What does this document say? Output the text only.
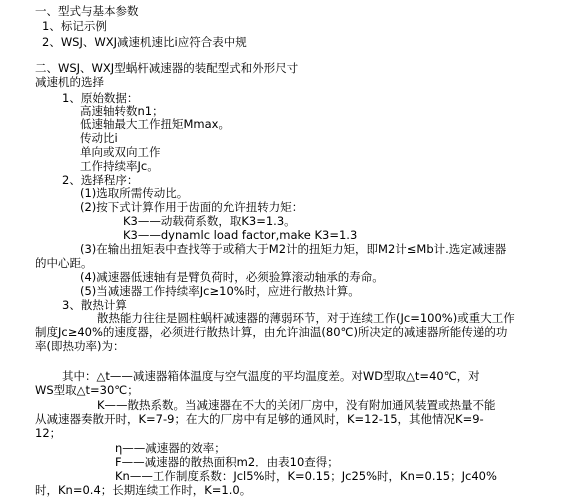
一、型式与基本参数
1、标记示例
2、WSJ、WXJ减速机速比i应符合表中规
二、WSJ、WXJ型蜗杆减速器的装配型式和外形尺寸
减速机的选择
1、原始数据：
高速轴转数n1；
低速轴最大工作扭矩Mmax。
传动比i
单向或双向工作
工作持续率Jc。
2、选择程序：
(1)选取所需传动比。
(2)按下式计算作用于齿面的允许扭转力矩：
K3——动载荷系数，取K3=1.3。
K3——dynamlc load factor,make K3=1.3
(3)在输出扭矩表中查找等于或稍大于M2计的扭矩力矩，即M2计≤Mb计.选定减速器
的中心距。
(4)减速器低速轴有是臂负荷时，必须验算滚动轴承的寿命。
(5)当减速器工作持续率Jc≥10%时，应进行散热计算。
3、散热计算
散热能力往往是圆柱蜗杆减速器的薄弱环节，对于连续工作(Jc=100%)或重大工作
制度Jc≥40%的速度器，必须进行散热计算，由允许油温(80℃)所决定的减速器所能传递的功
率(即热功率)为：
其中：△t——减速器箱体温度与空气温度的平均温度差。对WD型取△t=40℃，对
WS型取△t=30℃；
K——散热系数。当减速器在不大的关闭厂房中，没有附加通风装置或热量不能
从减速器奏散开时，K=7-9；在大的厂房中有足够的通风时，K=12-15，其他情况K=9-
12；
η——减速器的效率；
F——减速器的散热面积m2．由表10查得；
Kn——工作制度系数：Jcl5%时，K=0.15；Jc25%时，Kn=0.15；Jc40%
时，Kn=0.4；长期连续工作时，K=1.0。
